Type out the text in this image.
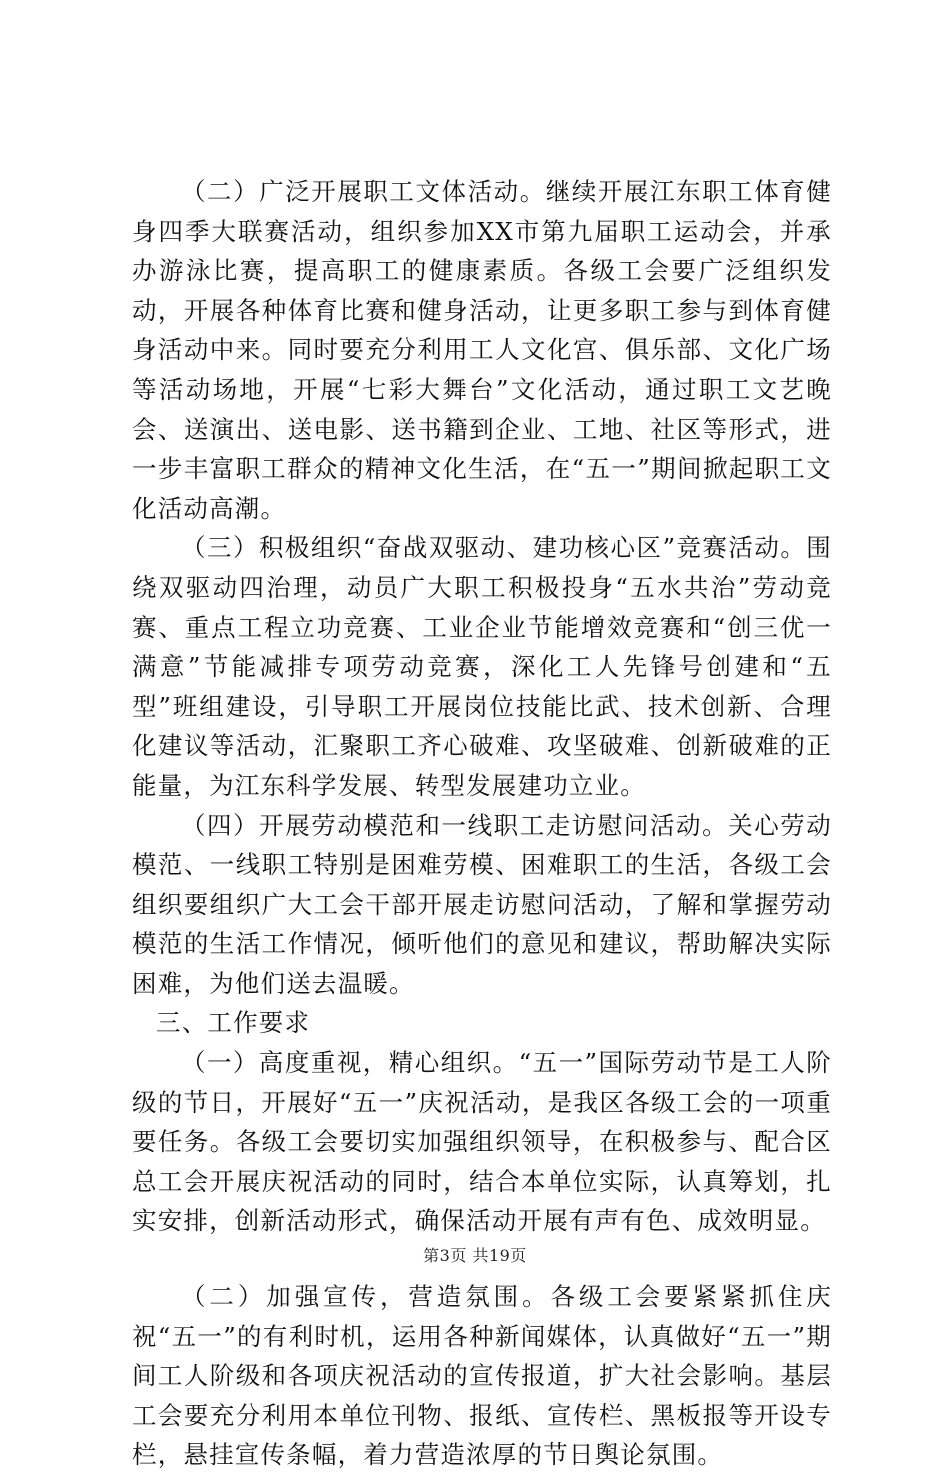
（二）广泛开展职工文体活动。继续开展江东职工体育健身四季大联赛活动，组织参加XX市第九届职工运动会，并承办游泳比赛，提高职工的健康素质。各级工会要广泛组织发动，开展各种体育比赛和健身活动，让更多职工参与到体育健身活动中来。同时要充分利用工人文化宫、俱乐部、文化广场等活动场地，开展“七彩大舞台”文化活动，通过职工文艺晚会、送演出、送电影、送书籍到企业、工地、社区等形式，进一步丰富职工群众的精神文化生活，在“五一”期间掀起职工文化活动高潮。

（三）积极组织“奋战双驱动、建功核心区”竞赛活动。围绕双驱动四治理，动员广大职工积极投身“五水共治”劳动竞赛、重点工程立功竞赛、工业企业节能增效竞赛和“创三优一满意”节能减排专项劳动竞赛，深化工人先锋号创建和“五型”班组建设，引导职工开展岗位技能比武、技术创新、合理化建议等活动，汇聚职工齐心破难、攻坚破难、创新破难的正能量，为江东科学发展、转型发展建功立业。

（四）开展劳动模范和一线职工走访慰问活动。关心劳动模范、一线职工特别是困难劳模、困难职工的生活，各级工会组织要组织广大工会干部开展走访慰问活动，了解和掌握劳动模范的生活工作情况，倾听他们的意见和建议，帮助解决实际困难，为他们送去温暖。

三、工作要求

（一）高度重视，精心组织。“五一”国际劳动节是工人阶级的节日，开展好“五一”庆祝活动，是我区各级工会的一项重要任务。各级工会要切实加强组织领导，在积极参与、配合区总工会开展庆祝活动的同时，结合本单位实际，认真筹划，扎实安排，创新活动形式，确保活动开展有声有色、成效明显。

（二）加强宣传，营造氛围。各级工会要紧紧抓住庆祝“五一”的有利时机，运用各种新闻媒体，认真做好“五一”期间工人阶级和各项庆祝活动的宣传报道，扩大社会影响。基层工会要充分利用本单位刊物、报纸、宣传栏、黑板报等开设专栏，悬挂宣传条幅，着力营造浓厚的节日舆论氛围。

第3页 共19页
